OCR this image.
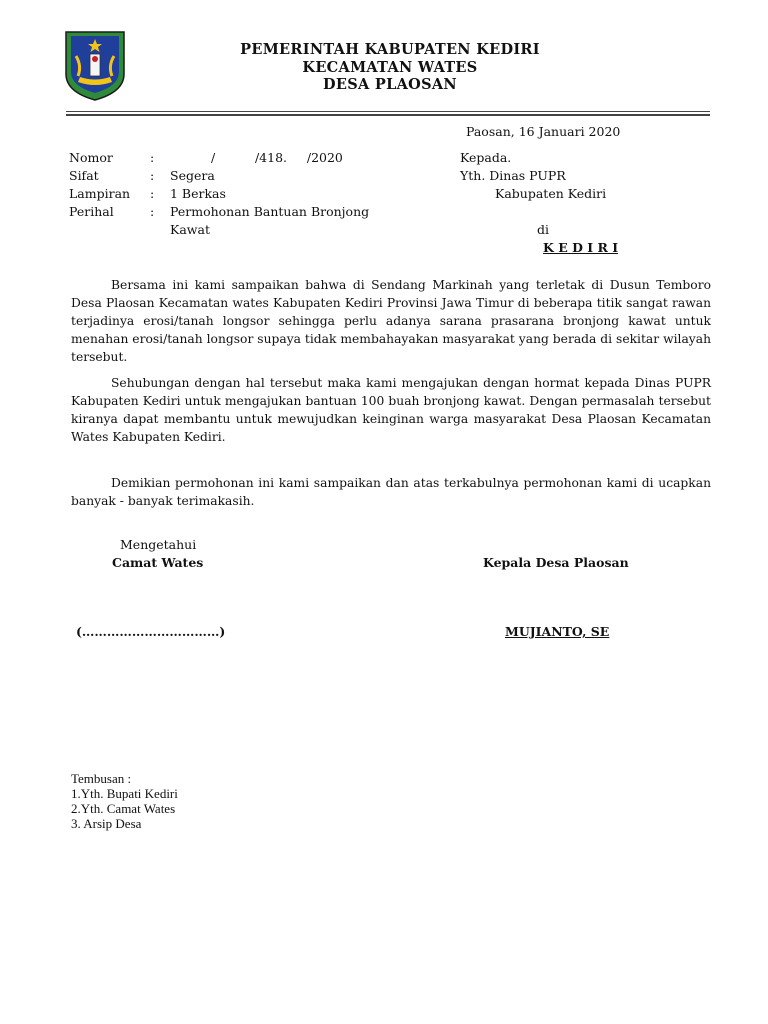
PEMERINTAH KABUPATEN KEDIRI
KECAMATAN WATES
DESA PLAOSAN
Paosan, 16 Januari 2020
Nomor	:	/          /418.     /2020
Sifat	: Segera
Lampiran : 1 Berkas
Perihal	: Permohonan Bantuan Bronjong
Kawat
Kepada.
Yth. Dinas PUPR
Kabupaten Kediri
di
K E D I R I
Bersama ini kami sampaikan bahwa di Sendang Markinah yang terletak di Dusun Temboro Desa Plaosan Kecamatan wates Kabupaten Kediri Provinsi Jawa Timur di beberapa titik sangat rawan terjadinya erosi/tanah longsor sehingga perlu adanya sarana prasarana bronjong kawat untuk menahan erosi/tanah longsor supaya tidak membahayakan masyarakat yang berada di sekitar wilayah tersebut.
Sehubungan dengan hal tersebut maka kami mengajukan dengan hormat kepada Dinas PUPR Kabupaten Kediri untuk mengajukan bantuan 100 buah bronjong kawat. Dengan permasalah tersebut kiranya dapat membantu untuk mewujudkan keinginan warga masyarakat Desa Plaosan Kecamatan Wates Kabupaten Kediri.
Demikian permohonan ini kami sampaikan dan atas terkabulnya permohonan kami di ucapkan banyak - banyak terimakasih.
Mengetahui
Camat Wates	Kepala Desa Plaosan
(……………………………)	MUJIANTO, SE
Tembusan :
1.Yth. Bupati Kediri
2.Yth. Camat Wates
3. Arsip Desa
